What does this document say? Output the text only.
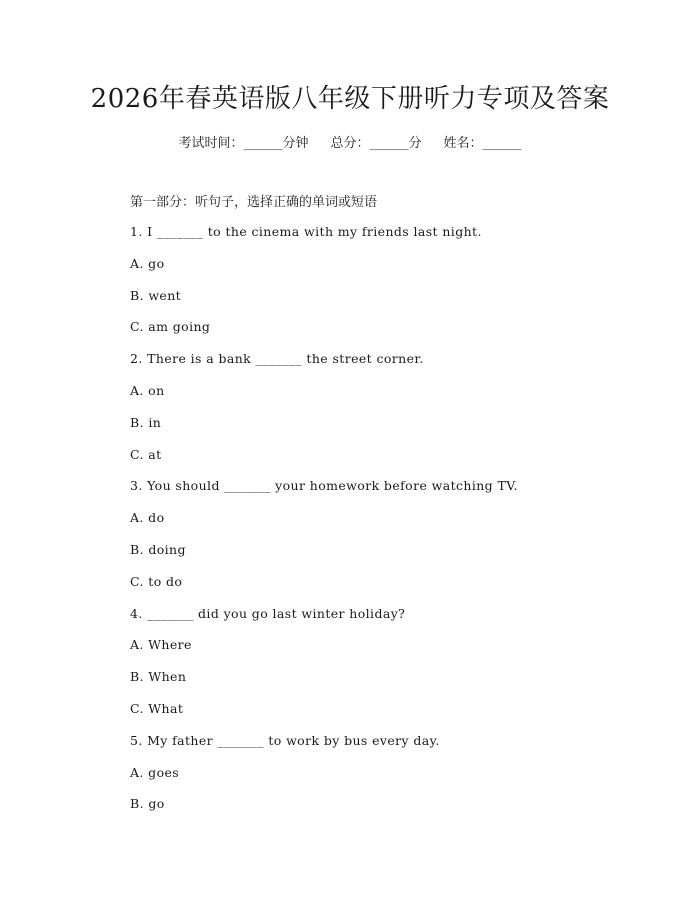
2026年春英语版八年级下册听力专项及答案
考试时间：______分钟 总分：______分 姓名：______
第一部分：听句子，选择正确的单词或短语
1. I _______ to the cinema with my friends last night.
A. go
B. went
C. am going
2. There is a bank _______ the street corner.
A. on
B. in
C. at
3. You should _______ your homework before watching TV.
A. do
B. doing
C. to do
4. _______ did you go last winter holiday?
A. Where
B. When
C. What
5. My father _______ to work by bus every day.
A. goes
B. go
